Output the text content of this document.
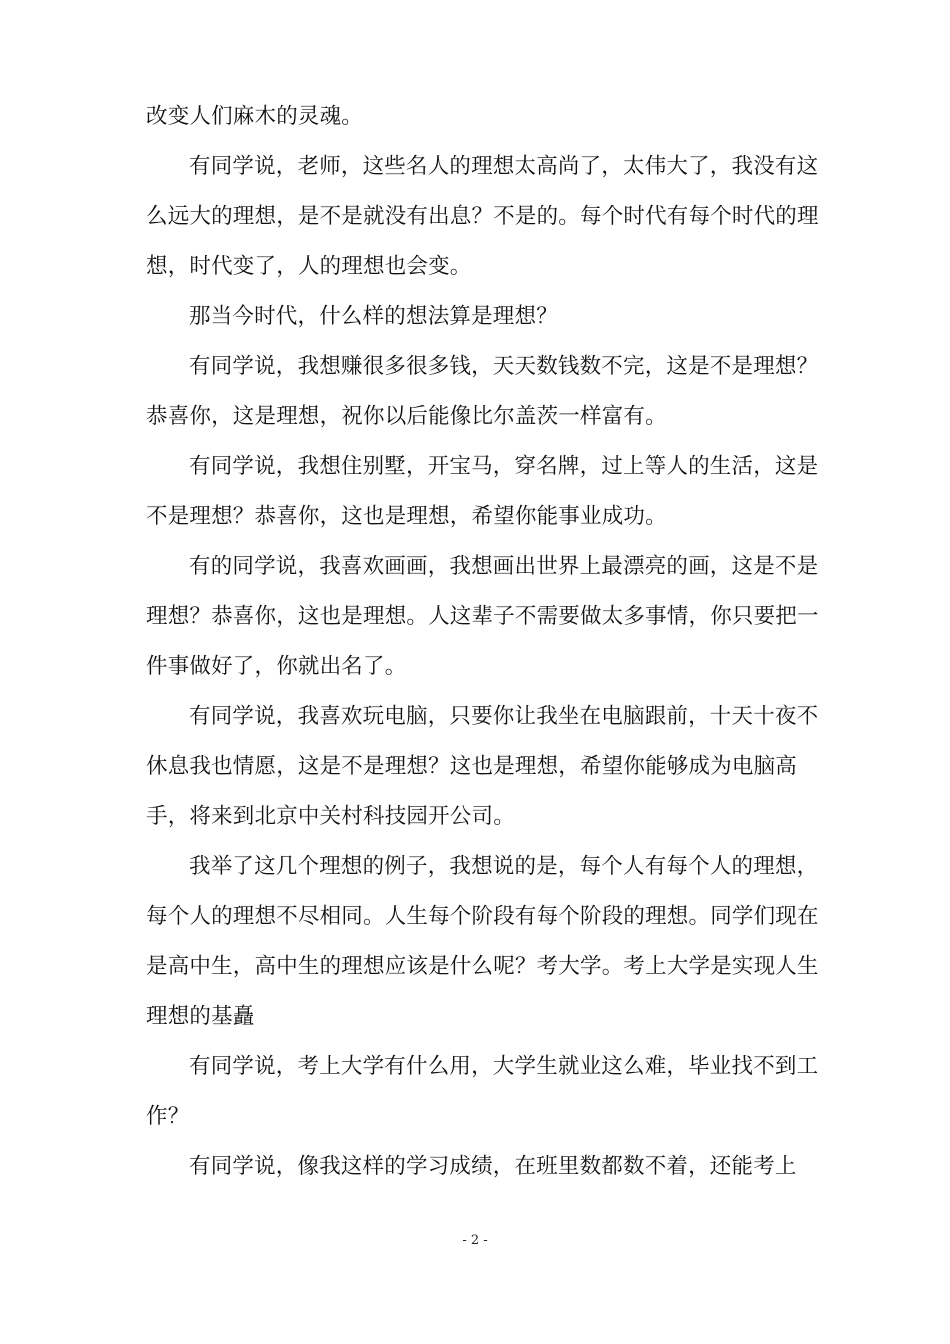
改变人们麻木的灵魂。

有同学说，老师，这些名人的理想太高尚了，太伟大了，我没有这么远大的理想，是不是就没有出息？不是的。每个时代有每个时代的理想，时代变了，人的理想也会变。

那当今时代，什么样的想法算是理想？

有同学说，我想赚很多很多钱，天天数钱数不完，这是不是理想？恭喜你，这是理想，祝你以后能像比尔盖茨一样富有。

有同学说，我想住别墅，开宝马，穿名牌，过上等人的生活，这是不是理想？恭喜你，这也是理想，希望你能事业成功。

有的同学说，我喜欢画画，我想画出世界上最漂亮的画，这是不是理想？恭喜你，这也是理想。人这辈子不需要做太多事情，你只要把一件事做好了，你就出名了。

有同学说，我喜欢玩电脑，只要你让我坐在电脑跟前，十天十夜不休息我也情愿，这是不是理想？这也是理想，希望你能够成为电脑高手，将来到北京中关村科技园开公司。

我举了这几个理想的例子，我想说的是，每个人有每个人的理想，每个人的理想不尽相同。人生每个阶段有每个阶段的理想。同学们现在是高中生，高中生的理想应该是什么呢？考大学。考上大学是实现人生理想的基矗

有同学说，考上大学有什么用，大学生就业这么难，毕业找不到工作？

有同学说，像我这样的学习成绩，在班里数都数不着，还能考上

- 2 -
